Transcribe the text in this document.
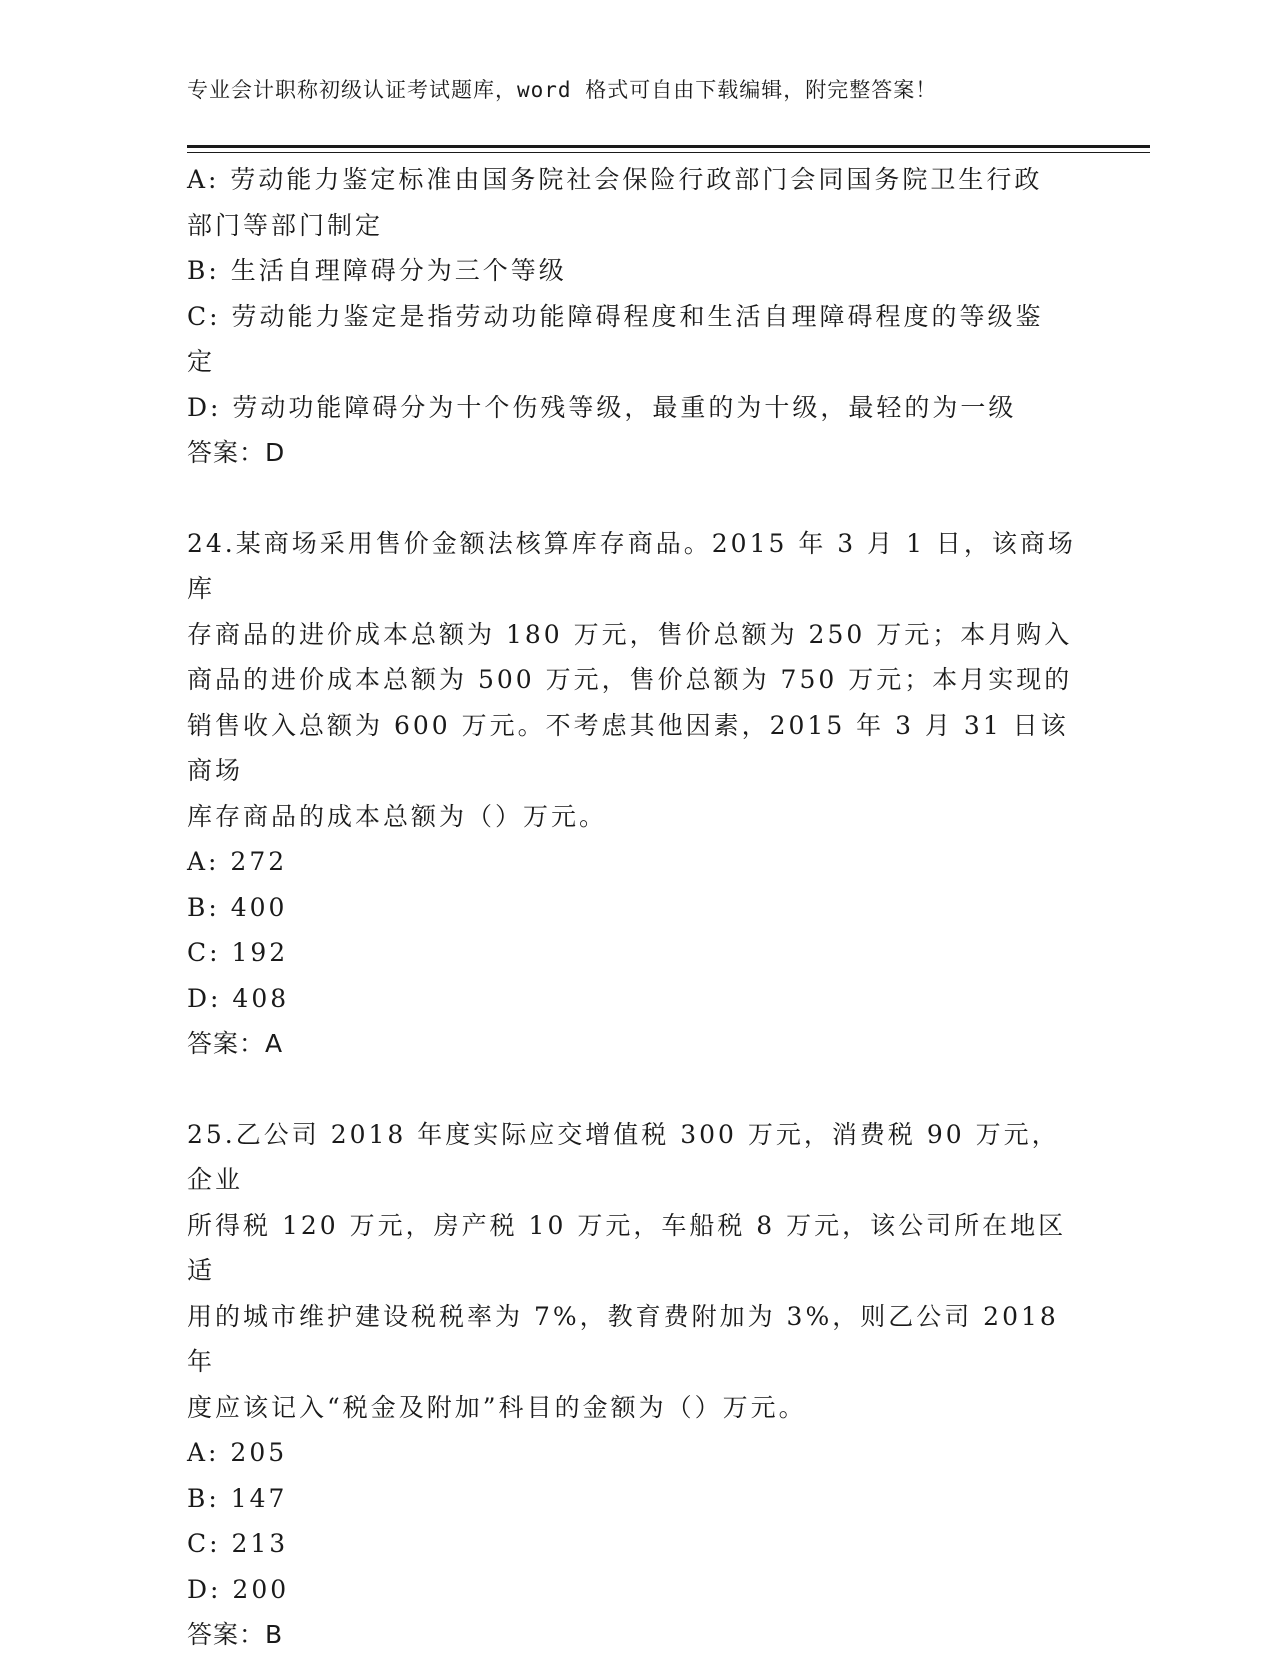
专业会计职称初级认证考试题库，word 格式可自由下载编辑，附完整答案！

A: 劳动能力鉴定标准由国务院社会保险行政部门会同国务院卫生行政

部门等部门制定

B: 生活自理障碍分为三个等级

C: 劳动能力鉴定是指劳动功能障碍程度和生活自理障碍程度的等级鉴

定

D: 劳动功能障碍分为十个伤残等级，最重的为十级，最轻的为一级

答案：D

24.某商场采用售价金额法核算库存商品。2015 年 3 月 1 日，该商场库

存商品的进价成本总额为 180 万元，售价总额为 250 万元；本月购入

商品的进价成本总额为 500 万元，售价总额为 750 万元；本月实现的

销售收入总额为 600 万元。不考虑其他因素，2015 年 3 月 31 日该商场

库存商品的成本总额为（）万元。

A: 272

B: 400

C: 192

D: 408

答案：A

25.乙公司 2018 年度实际应交增值税 300 万元，消费税 90 万元，企业

所得税 120 万元，房产税 10 万元，车船税 8 万元，该公司所在地区适

用的城市维护建设税税率为 7%，教育费附加为 3%，则乙公司 2018 年

度应该记入“税金及附加”科目的金额为（）万元。

A: 205

B: 147

C: 213

D: 200

答案：B
